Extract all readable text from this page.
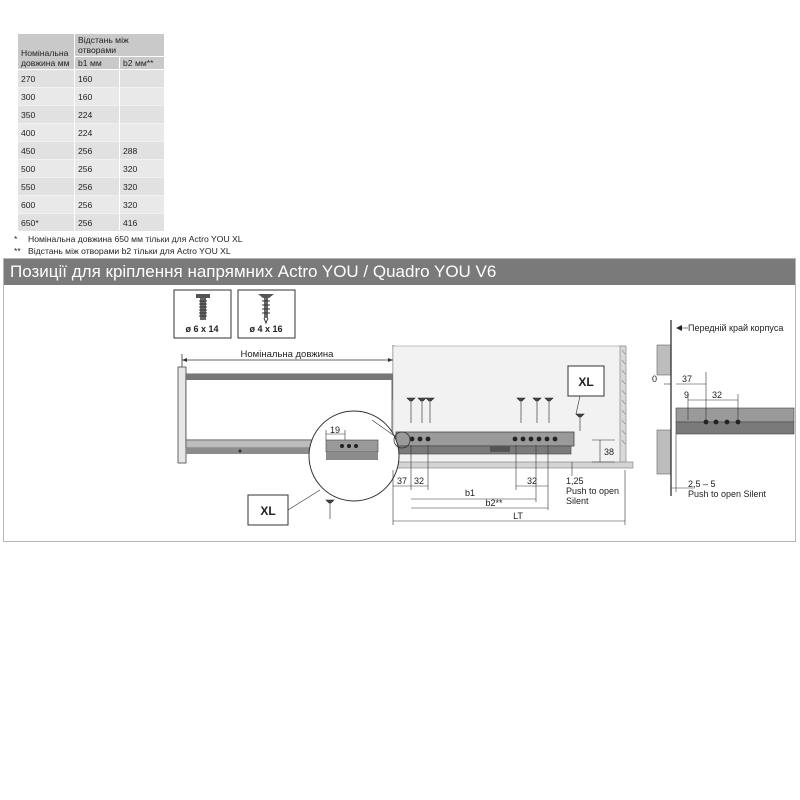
Позиції для кріплення напрямних Actro YOU / Quadro YOU V6
Номінальна довжина мм	Відстань між отворами	
	b1 мм	b2 мм**
270	160	
300	160	
350	224	
400	224	
450	256	288
500	256	320
550	256	320
600	256	320
650*	256	416
* Номінальна довжина 650 мм тільки для Actro YOU XL
** Відстань між отворами b2 тільки для Actro YOU XL
ø 6 x 14	ø 4 x 16
Номінальна довжина
XL
19
XL
37 32	32
b1
b2**
LT
38
1,25
Push to open
Silent
Передній край корпуса
0	37
9	32
2,5 – 5
Push to open Silent
